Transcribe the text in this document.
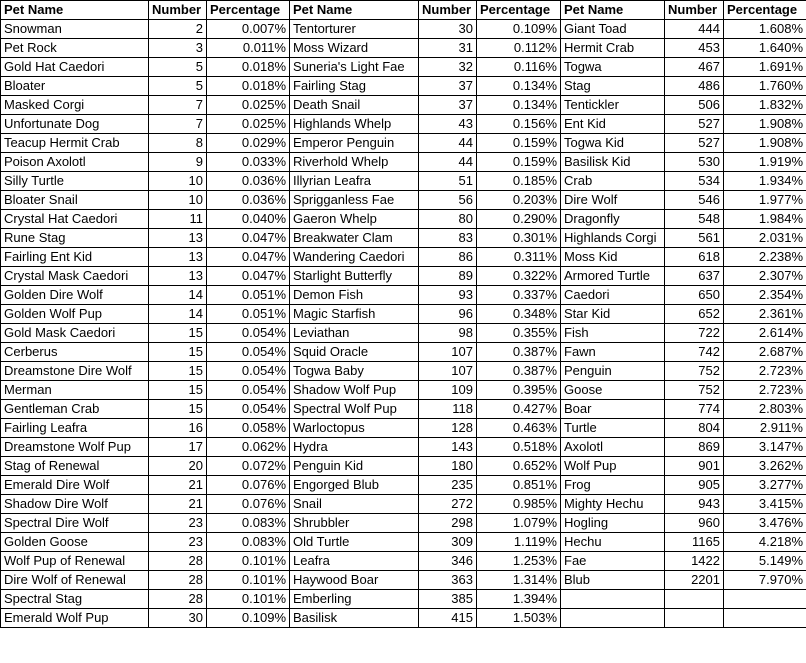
Pet Name	Number	Percentage	Pet Name	Number	Percentage	Pet Name	Number	Percentage
Snowman	2	0.007%	Tentorturer	30	0.109%	Giant Toad	444	1.608%
Pet Rock	3	0.011%	Moss Wizard	31	0.112%	Hermit Crab	453	1.640%
Gold Hat Caedori	5	0.018%	Suneria's Light Fae	32	0.116%	Togwa	467	1.691%
Bloater	5	0.018%	Fairling Stag	37	0.134%	Stag	486	1.760%
Masked Corgi	7	0.025%	Death Snail	37	0.134%	Tentickler	506	1.832%
Unfortunate Dog	7	0.025%	Highlands Whelp	43	0.156%	Ent Kid	527	1.908%
Teacup Hermit Crab	8	0.029%	Emperor Penguin	44	0.159%	Togwa Kid	527	1.908%
Poison Axolotl	9	0.033%	Riverhold Whelp	44	0.159%	Basilisk Kid	530	1.919%
Silly Turtle	10	0.036%	Illyrian Leafra	51	0.185%	Crab	534	1.934%
Bloater Snail	10	0.036%	Sprigganless Fae	56	0.203%	Dire Wolf	546	1.977%
Crystal Hat Caedori	11	0.040%	Gaeron Whelp	80	0.290%	Dragonfly	548	1.984%
Rune Stag	13	0.047%	Breakwater Clam	83	0.301%	Highlands Corgi	561	2.031%
Fairling Ent Kid	13	0.047%	Wandering Caedori	86	0.311%	Moss Kid	618	2.238%
Crystal Mask Caedori	13	0.047%	Starlight Butterfly	89	0.322%	Armored Turtle	637	2.307%
Golden Dire Wolf	14	0.051%	Demon Fish	93	0.337%	Caedori	650	2.354%
Golden Wolf Pup	14	0.051%	Magic Starfish	96	0.348%	Star Kid	652	2.361%
Gold Mask Caedori	15	0.054%	Leviathan	98	0.355%	Fish	722	2.614%
Cerberus	15	0.054%	Squid Oracle	107	0.387%	Fawn	742	2.687%
Dreamstone Dire Wolf	15	0.054%	Togwa Baby	107	0.387%	Penguin	752	2.723%
Merman	15	0.054%	Shadow Wolf Pup	109	0.395%	Goose	752	2.723%
Gentleman Crab	15	0.054%	Spectral Wolf Pup	118	0.427%	Boar	774	2.803%
Fairling Leafra	16	0.058%	Warloctopus	128	0.463%	Turtle	804	2.911%
Dreamstone Wolf Pup	17	0.062%	Hydra	143	0.518%	Axolotl	869	3.147%
Stag of Renewal	20	0.072%	Penguin Kid	180	0.652%	Wolf Pup	901	3.262%
Emerald Dire Wolf	21	0.076%	Engorged Blub	235	0.851%	Frog	905	3.277%
Shadow Dire Wolf	21	0.076%	Snail	272	0.985%	Mighty Hechu	943	3.415%
Spectral Dire Wolf	23	0.083%	Shrubbler	298	1.079%	Hogling	960	3.476%
Golden Goose	23	0.083%	Old Turtle	309	1.119%	Hechu	1165	4.218%
Wolf Pup of Renewal	28	0.101%	Leafra	346	1.253%	Fae	1422	5.149%
Dire Wolf of Renewal	28	0.101%	Haywood Boar	363	1.314%	Blub	2201	7.970%
Spectral Stag	28	0.101%	Emberling	385	1.394%			
Emerald Wolf Pup	30	0.109%	Basilisk	415	1.503%			
